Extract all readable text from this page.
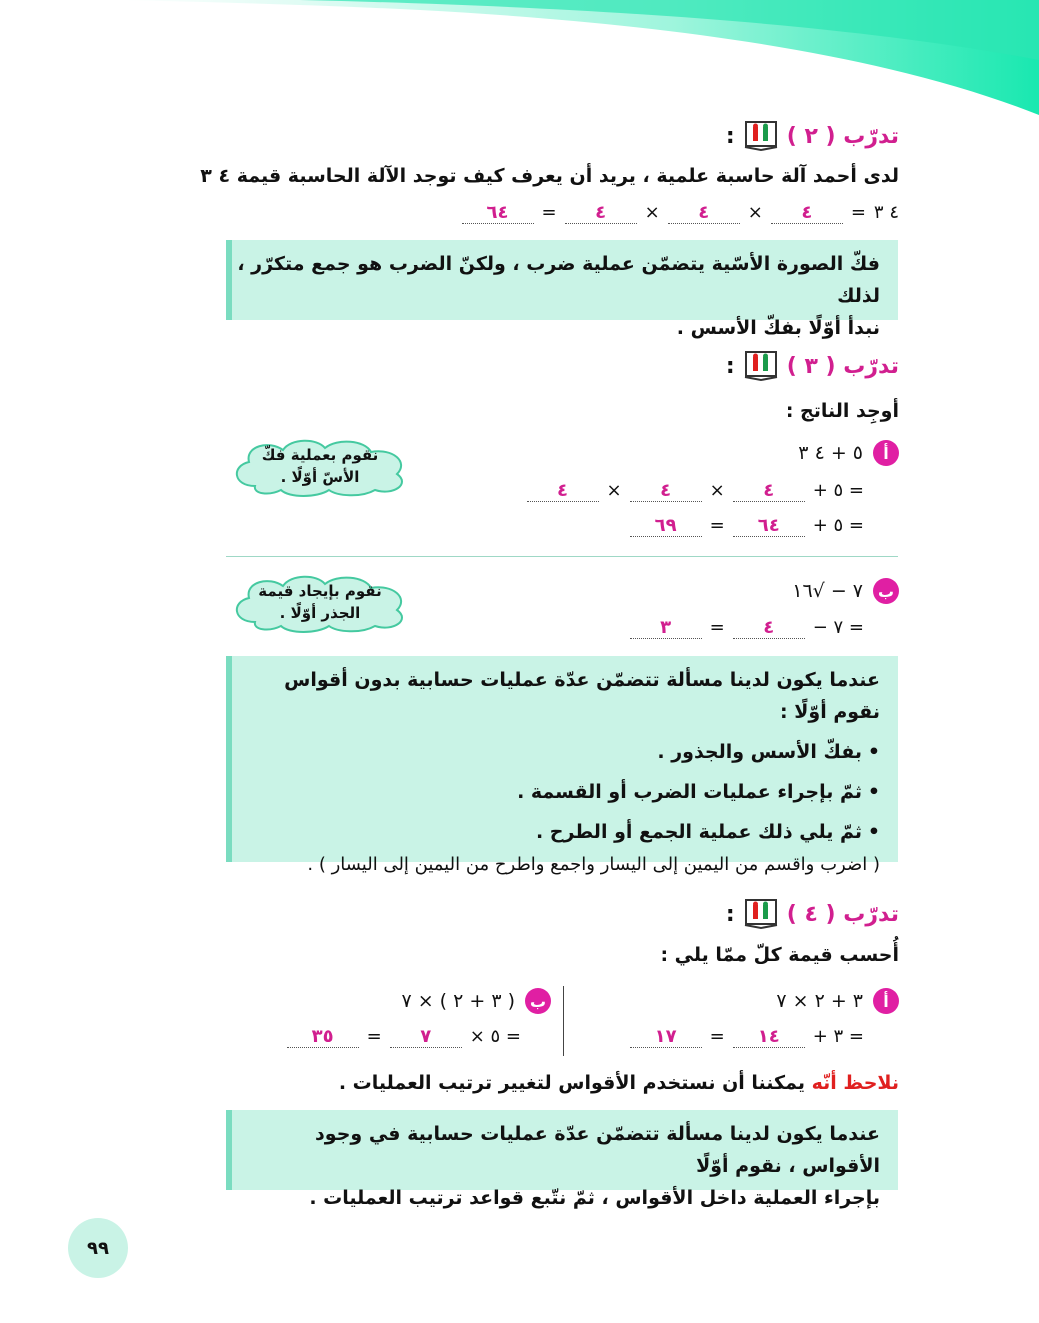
تدرّب ( ٢ )
:
لدى أحمد آلة حاسبة علمية ، يريد أن يعرف كيف توجد الآلة الحاسبة قيمة ٤ ٣
٤ ٣
=
٤
×
٤
×
٤
=
٦٤

فكّ الصورة الأسّية يتضمّن عملية ضرب ، ولكنّ الضرب هو جمع متكرّر ، لذلك

نبدأ أوّلًا بفكّ الأسس .

تدرّب ( ٣ )
:
أوجِد الناتج :
أ
٥ + ٤ ٣
= ٥ +
٤
×
٤
×
٤
= ٥ +
٦٤
=
٦٩
نقوم بعملية فكّ
الأسّ أوّلًا .
ب
٧ − √١٦
= ٧ −
٤
=
٣
نقوم بإيجاد قيمة
الجذر أوّلًا .

عندما يكون لدينا مسألة تتضمّن عدّة عمليات حسابية بدون أقواس نقوم أوّلًا :

• بفكّ الأسس والجذور .
• ثمّ بإجراء عمليات الضرب أو القسمة .
• ثمّ يلي ذلك عملية الجمع أو الطرح .

( اضرب واقسم من اليمين إلى اليسار واجمع واطرح من اليمين إلى اليسار ) .

تدرّب ( ٤ )
:
أُحسب قيمة كلّ ممّا يلي :
أ
٣ + ٢ × ٧
= ٣ +
١٤
=
١٧
ب
( ٣ + ٢ ) × ٧
= ٥ ×
٧
=
٣٥
نلاحظ أنّه يمكننا أن نستخدم الأقواس لتغيير ترتيب العمليات .

عندما يكون لدينا مسألة تتضمّن عدّة عمليات حسابية في وجود الأقواس ، نقوم أوّلًا

بإجراء العملية داخل الأقواس ، ثمّ نتّبع قواعد ترتيب العمليات .

٩٩
